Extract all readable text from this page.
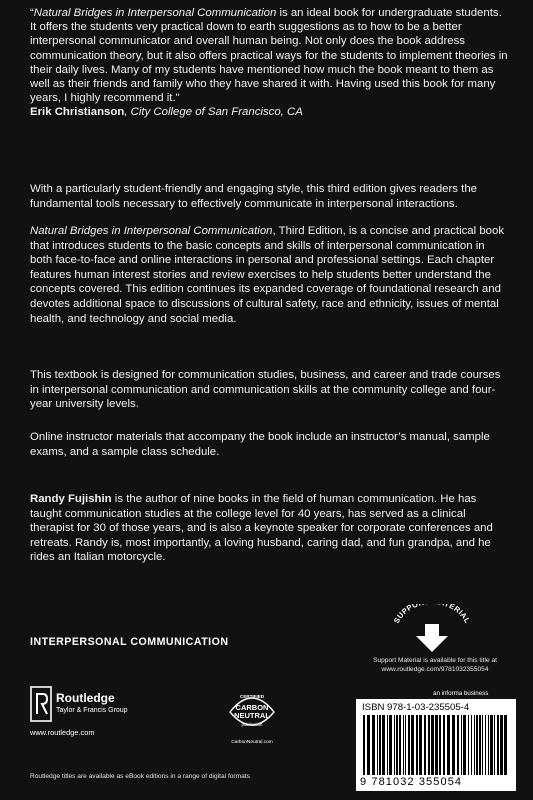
“Natural Bridges in Interpersonal Communication is an ideal book for undergraduate students. It offers the students very practical down to earth suggestions as to how to be a better interpersonal communicator and overall human being. Not only does the book address communication theory, but it also offers practical ways for the students to implement theories in their daily lives. Many of my students have mentioned how much the book meant to them as well as their friends and family who they have shared it with. Having used this book for many years, I highly recommend it."
Erik Christianson, City College of San Francisco, CA
With a particularly student-friendly and engaging style, this third edition gives readers the fundamental tools necessary to effectively communicate in interpersonal interactions.
Natural Bridges in Interpersonal Communication, Third Edition, is a concise and practical book that introduces students to the basic concepts and skills of interpersonal communication in both face-to-face and online interactions in personal and professional settings. Each chapter features human interest stories and review exercises to help students better understand the concepts covered. This edition continues its expanded coverage of foundational research and devotes additional space to discussions of cultural safety, race and ethnicity, issues of mental health, and technology and social media.
This textbook is designed for communication studies, business, and career and trade courses in interpersonal communication and communication skills at the community college and four-year university levels.
Online instructor materials that accompany the book include an instructor’s manual, sample exams, and a sample class schedule.
Randy Fujishin is the author of nine books in the field of human communication. He has taught communication studies at the college level for 40 years, has served as a clinical therapist for 30 of those years, and is also a keynote speaker for corporate conferences and retreats. Randy is, most importantly, a loving husband, caring dad, and fun grandpa, and he rides an Italian motorcycle.
INTERPERSONAL COMMUNICATION
SUPPO TERIAL
Support Material is available for this title at
www.routledge.com/9781032355054
an informa business
ISBN 978-1-03-235505-4
9 781032 355054
Routledge
Taylor & Francis Group
www.routledge.com
CERTIFIED
CARBON
NEUTRAL
publication
CarbonNeutral.com
Routledge titles are available as eBook editions in a range of digital formats
